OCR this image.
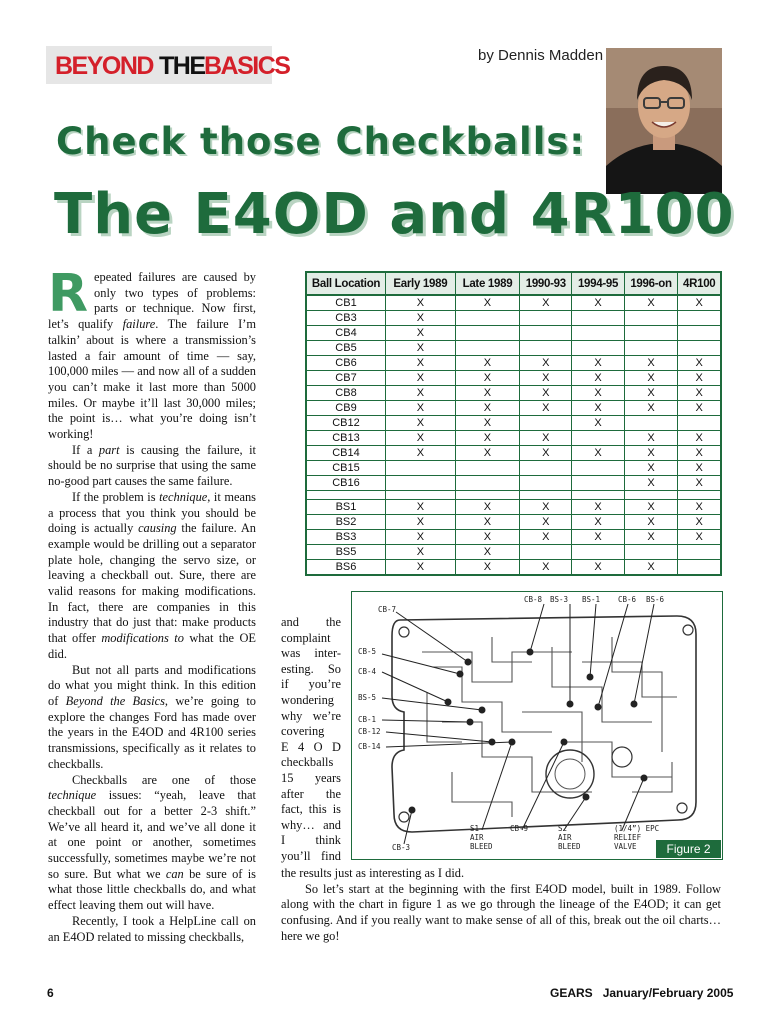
BEYOND THE BASICS	by Dennis Madden
Check those Checkballs:
The E4OD and 4R100

Repeated failures are caused by only two types of problems: parts or technique. Now first, let’s qualify failure. The failure I’m talkin’ about is where a transmission’s lasted a fair amount of time — say, 100,000 miles — and now all of a sudden you can’t make it last more than 5000 miles. Or maybe it’ll last 30,000 miles; the point is… what you’re doing isn’t working!

If a part is causing the failure, it should be no surprise that using the same no-good part causes the same failure.

If the problem is technique, it means a process that you think you should be doing is actually causing the failure. An example would be drilling out a separator plate hole, changing the servo size, or leaving a checkball out. Sure, there are valid reasons for making modifications. In fact, there are companies in this industry that do just that: make products that offer modifications to what the OE did.

But not all parts and modifications do what you might think. In this edition of Beyond the Basics, we’re going to explore the changes Ford has made over the years in the E4OD and 4R100 series transmissions, specifically as it relates to checkballs.

Checkballs are one of those technique issues: “yeah, leave that checkball out for a better 2-3 shift.” We’ve all heard it, and we’ve all done it at one point or another, sometimes successfully, sometimes maybe we’re not so sure. But what we can be sure of is what those little checkballs do, and what effect leaving them out will have.

Recently, I took a HelpLine call on an E4OD related to missing checkballs,

and the
complaint
was inter-
esting. So
if you’re
wondering
why we’re
covering
E 4 O D
checkballs
15 years
after the
fact, this is
why… and
I think
you’ll find

the results just as interesting as I did.

So let’s start at the beginning with the first E4OD model, built in 1989. Follow along with the chart in figure 1 as we go through the lineage of the E4OD; it can get confusing. And if you really want to make sense of all of this, break out the oil charts… here we go!

Ball Location	Early 1989	Late 1989	1990-93	1994-95	1996-on	4R100
CB1	X	X	X	X	X	X
CB3	X					
CB4	X					
CB5	X					
CB6	X	X	X	X	X	X
CB7	X	X	X	X	X	X
CB8	X	X	X	X	X	X
CB9	X	X	X	X	X	X
CB12	X	X		X		
CB13	X	X	X		X	X
CB14	X	X	X	X	X	X
CB15					X	X
CB16					X	X

BS1	X	X	X	X	X	X
BS2	X	X	X	X	X	X
BS3	X	X	X	X	X	X
BS5	X	X				
BS6	X	X	X	X	X	
CB-7
CB-8 BS-3 BS-1 CB-6 BS-6
CB-5
CB-4
BS-5
CB-1
CB-12
CB-14
CB-3
S1
AIR
BLEED
CB-9	S2
AIR
BLEED
(1/4”) EPC
RELIEF
VALVE	Figure 2
6	GEARS January/February 2005
